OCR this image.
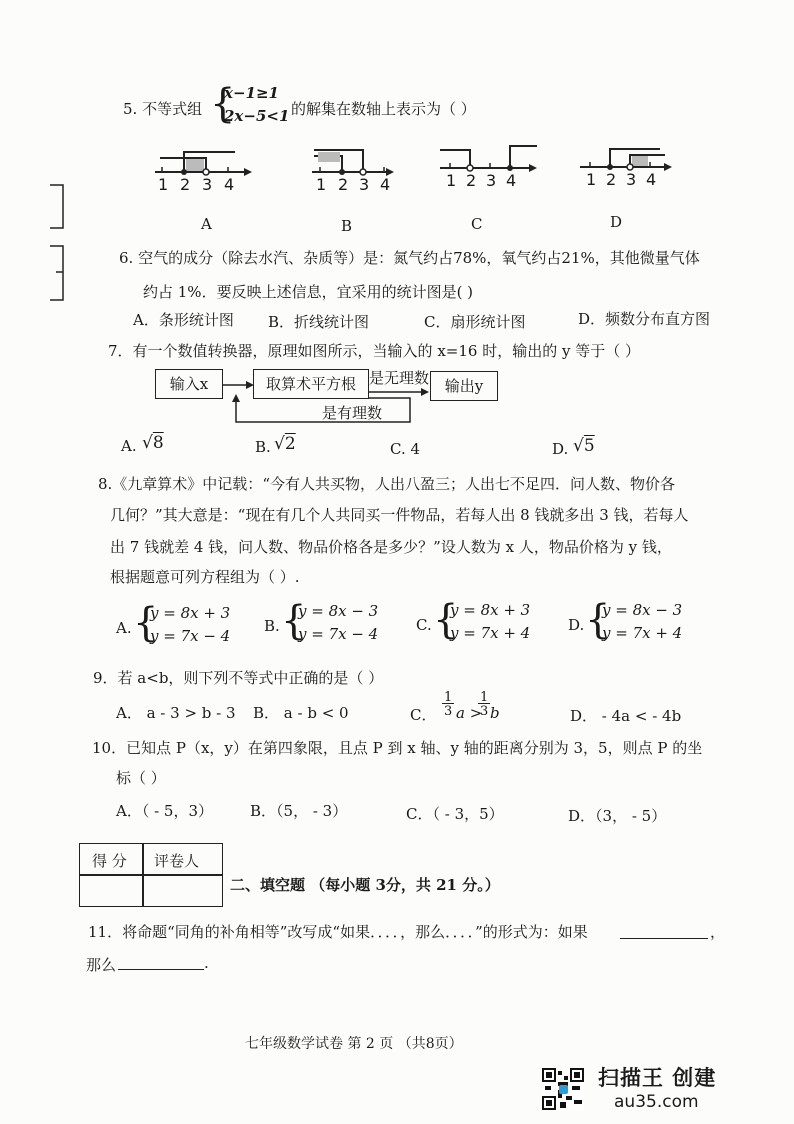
5. 不等式组 {
x−1≥1
2x−5<1 的解集在数轴上表示为（ ）
1 2 3 4	1 2 3 4	1 2 3 4	1 2 3 4
A	B	C	D
6. 空气的成分（除去水汽、杂质等）是：氮气约占78%，氧气约占21%，其他微量气体
约占 1%．要反映上述信息，宜采用的统计图是( )
A．条形统计图 B．折线统计图	C．扇形统计图	D．频数分布直方图
7．有一个数值转换器，原理如图所示，当输入的 x=16 时，输出的 y 等于（ ）
输入x	取算术平方根 是无理数	输出y
是有理数
A. √8	B. √2	C. 4	D. √5
8.《九章算术》中记载：“今有人共买物，人出八盈三；人出七不足四．问人数、物价各
几何？”其大意是：“现在有几个人共同买一件物品，若每人出 8 钱就多出 3 钱，若每人
出 7 钱就差 4 钱，问人数、物品价格各是多少？”设人数为 x 人，物品价格为 y 钱，
根据题意可列方程组为（ ）.
A. {
y = 8x + 3
y = 7x − 4
B. {
y = 8x − 3
y = 7x − 4	C. {
y = 8x + 3
y = 7x + 4	D. {
y = 8x − 3
y = 7x + 4
9．若 a<b，则下列不等式中正确的是（ ）
A． a - 3 > b - 3 B． a - b < 0	C．
1
3 a >
1
3 b	D． - 4a < - 4b
10．已知点 P（x，y）在第四象限，且点 P 到 x 轴、y 轴的距离分别为 3，5，则点 P 的坐
标（ ）
A．（ - 5，3） B．（5， - 3）	C．（ - 3，5）	D．（3， - 5）
得 分 评卷人
二、填空题 （每小题 3分，共 21 分。）
11．将命题“同角的补角相等”改写成“如果．．．．，那么．．．．”的形式为：如果	，
那么	.
七年级数学试卷 第 2 页 （共8页）
扫描王 创建
au35.com
